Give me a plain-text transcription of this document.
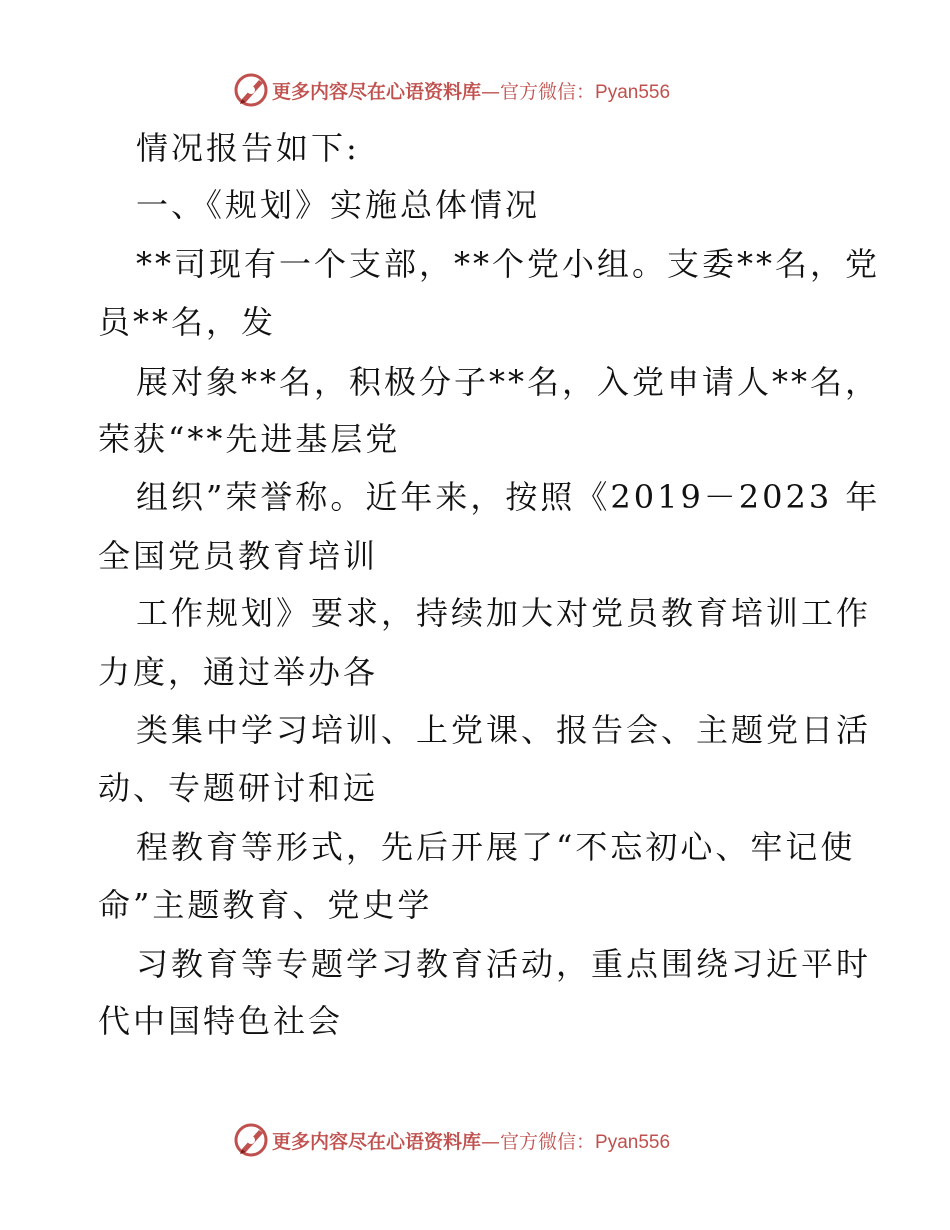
更多内容尽在心语资料库—官方微信：Pyan556
情况报告如下:
一、《规划》实施总体情况
**司现有一个支部，**个党小组。支委**名，党
员**名，发
展对象**名，积极分子**名，入党申请人**名，
荣获“**先进基层党
组织”荣誉称。近年来，按照《2019－2023 年
全国党员教育培训
工作规划》要求，持续加大对党员教育培训工作
力度，通过举办各
类集中学习培训、上党课、报告会、主题党日活
动、专题研讨和远
程教育等形式，先后开展了“不忘初心、牢记使
命”主题教育、党史学
习教育等专题学习教育活动，重点围绕习近平时
代中国特色社会
更多内容尽在心语资料库—官方微信：Pyan556
